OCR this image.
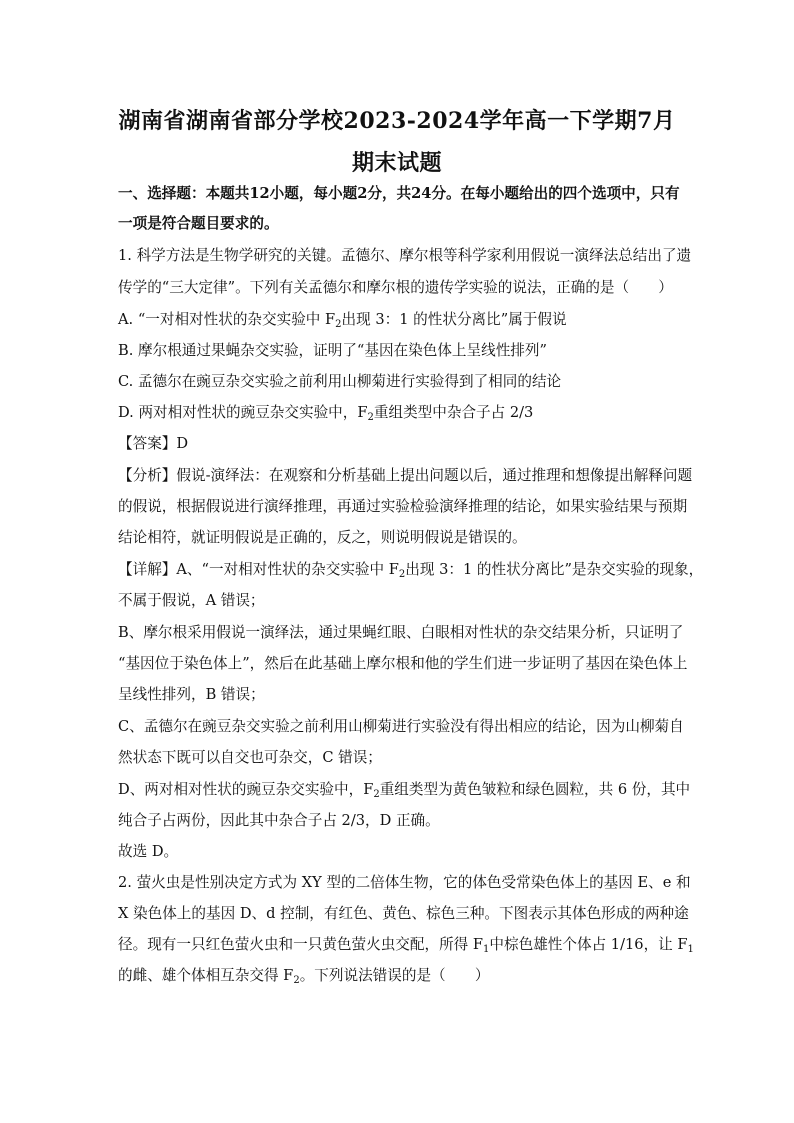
湖南省湖南省部分学校2023-2024学年高一下学期7月
期末试题
一、选择题：本题共12小题，每小题2分，共24分。在每小题给出的四个选项中，只有
一项是符合题目要求的。
1. 科学方法是生物学研究的关键。孟德尔、摩尔根等科学家利用假说一演绎法总结出了遗
传学的“三大定律”。下列有关孟德尔和摩尔根的遗传学实验的说法，正确的是（　　）
A. “一对相对性状的杂交实验中 $F_2$出现 3：1 的性状分离比”属于假说
B. 摩尔根通过果蝇杂交实验，证明了“基因在染色体上呈线性排列”
C. 孟德尔在豌豆杂交实验之前利用山柳菊进行实验得到了相同的结论
D. 两对相对性状的豌豆杂交实验中，$F_2$重组类型中杂合子占 2/3
【答案】D
【分析】假说-演绎法：在观察和分析基础上提出问题以后，通过推理和想像提出解释问题
的假说，根据假说进行演绎推理，再通过实验检验演绎推理的结论，如果实验结果与预期
结论相符，就证明假说是正确的，反之，则说明假说是错误的。
【详解】A、“一对相对性状的杂交实验中 $F_2$出现 3：1 的性状分离比”是杂交实验的现象，
不属于假说，A 错误；
B、摩尔根采用假说一演绎法，通过果蝇红眼、白眼相对性状的杂交结果分析，只证明了
“基因位于染色体上”，然后在此基础上摩尔根和他的学生们进一步证明了基因在染色体上
呈线性排列，B 错误；
C、孟德尔在豌豆杂交实验之前利用山柳菊进行实验没有得出相应的结论，因为山柳菊自
然状态下既可以自交也可杂交，C 错误；
D、两对相对性状的豌豆杂交实验中，$F_2$重组类型为黄色皱粒和绿色圆粒，共 6 份，其中
纯合子占两份，因此其中杂合子占 2/3，D 正确。
故选 D。
2. 萤火虫是性别决定方式为 XY 型的二倍体生物，它的体色受常染色体上的基因 E、e 和
X 染色体上的基因 D、d 控制，有红色、黄色、棕色三种。下图表示其体色形成的两种途
径。现有一只红色萤火虫和一只黄色萤火虫交配，所得 $F_1$中棕色雄性个体占 1/16，让 $F_1$
的雌、雄个体相互杂交得 $F_2$。下列说法错误的是（　　）
